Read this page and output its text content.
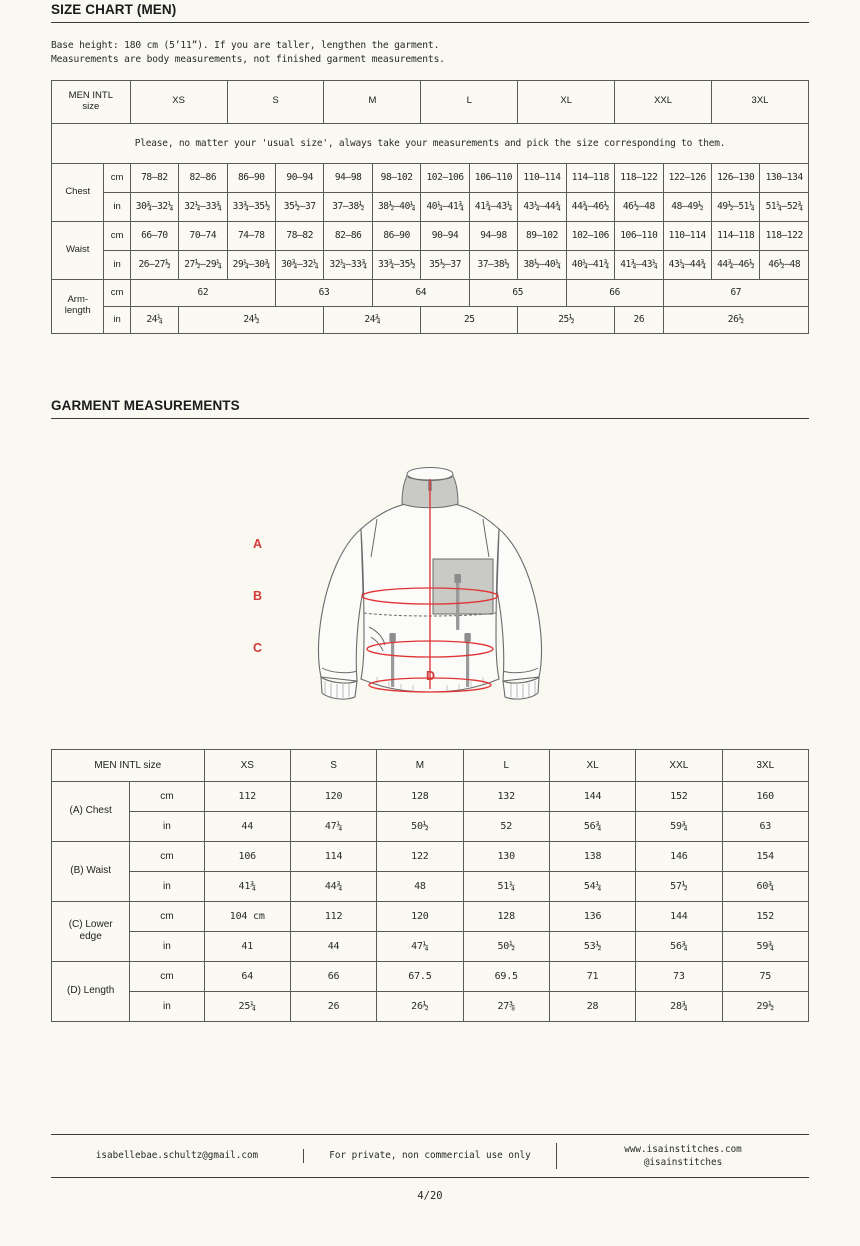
SIZE CHART (MEN)
Base height: 180 cm (5’11”). If you are taller, lengthen the garment.
Measurements are body measurements, not finished garment measurements.
MEN INTL
size		XS		S		M		L		XL		XXL		3XL	
Please, no matter your 'usual size', always take your measurements and pick the size corresponding to them.															
Chest	cm	78–82	82–86	86–90	90–94	94–98	98–102	102–106	106–110	110–114	114–118	118–122	122–126	126–130	130–134
	in	30¾–32¼	32¼–33¾	33¾–35½	35½–37	37–38½	38½–40¼	40¼–41¾	41¾–43¼	43¼–44¾	44¾–46½	46½–48	48–49½	49½–51¼	51¼–52¾
Waist	cm	66–70	70–74	74–78	78–82	82–86	86–90	90–94	94–98	89–102	102–106	106–110	110–114	114–118	118–122
	in	26–27½	27½–29¼	29¼–30¾	30¾–32¼	32¼–33¾	33¾–35½	35½–37	37–38½	38½–40¼	40¼–41¾	41¾–43¼	43¼–44¾	44¾–46½	46½–48
Arm-
length	cm	62			63		64		65		66		67		
	in	24¼	24½			24¾		25		25½		26	26½		
GARMENT MEASUREMENTS
A
B
C
D
MEN INTL size		XS	S	M	L	XL	XXL	3XL
(A) Chest	cm	112	120	128	132	144	152	160
	in	44	47¼	50½	52	56¾	59¾	63
(B) Waist	cm	106	114	122	130	138	146	154
	in	41¾	44¾	48	51¼	54¼	57½	60¾
(C) Lower
edge	cm	104 cm	112	120	128	136	144	152
	in	41	44	47¼	50½	53½	56¾	59¾
(D) Length	cm	64	66	67.5	69.5	71	73	75
	in	25¼	26	26½	27⅜	28	28¾	29½
isabellebae.schultz@gmail.com	For private, non commercial use only
www.isainstitches.com
@isainstitches
4/20
